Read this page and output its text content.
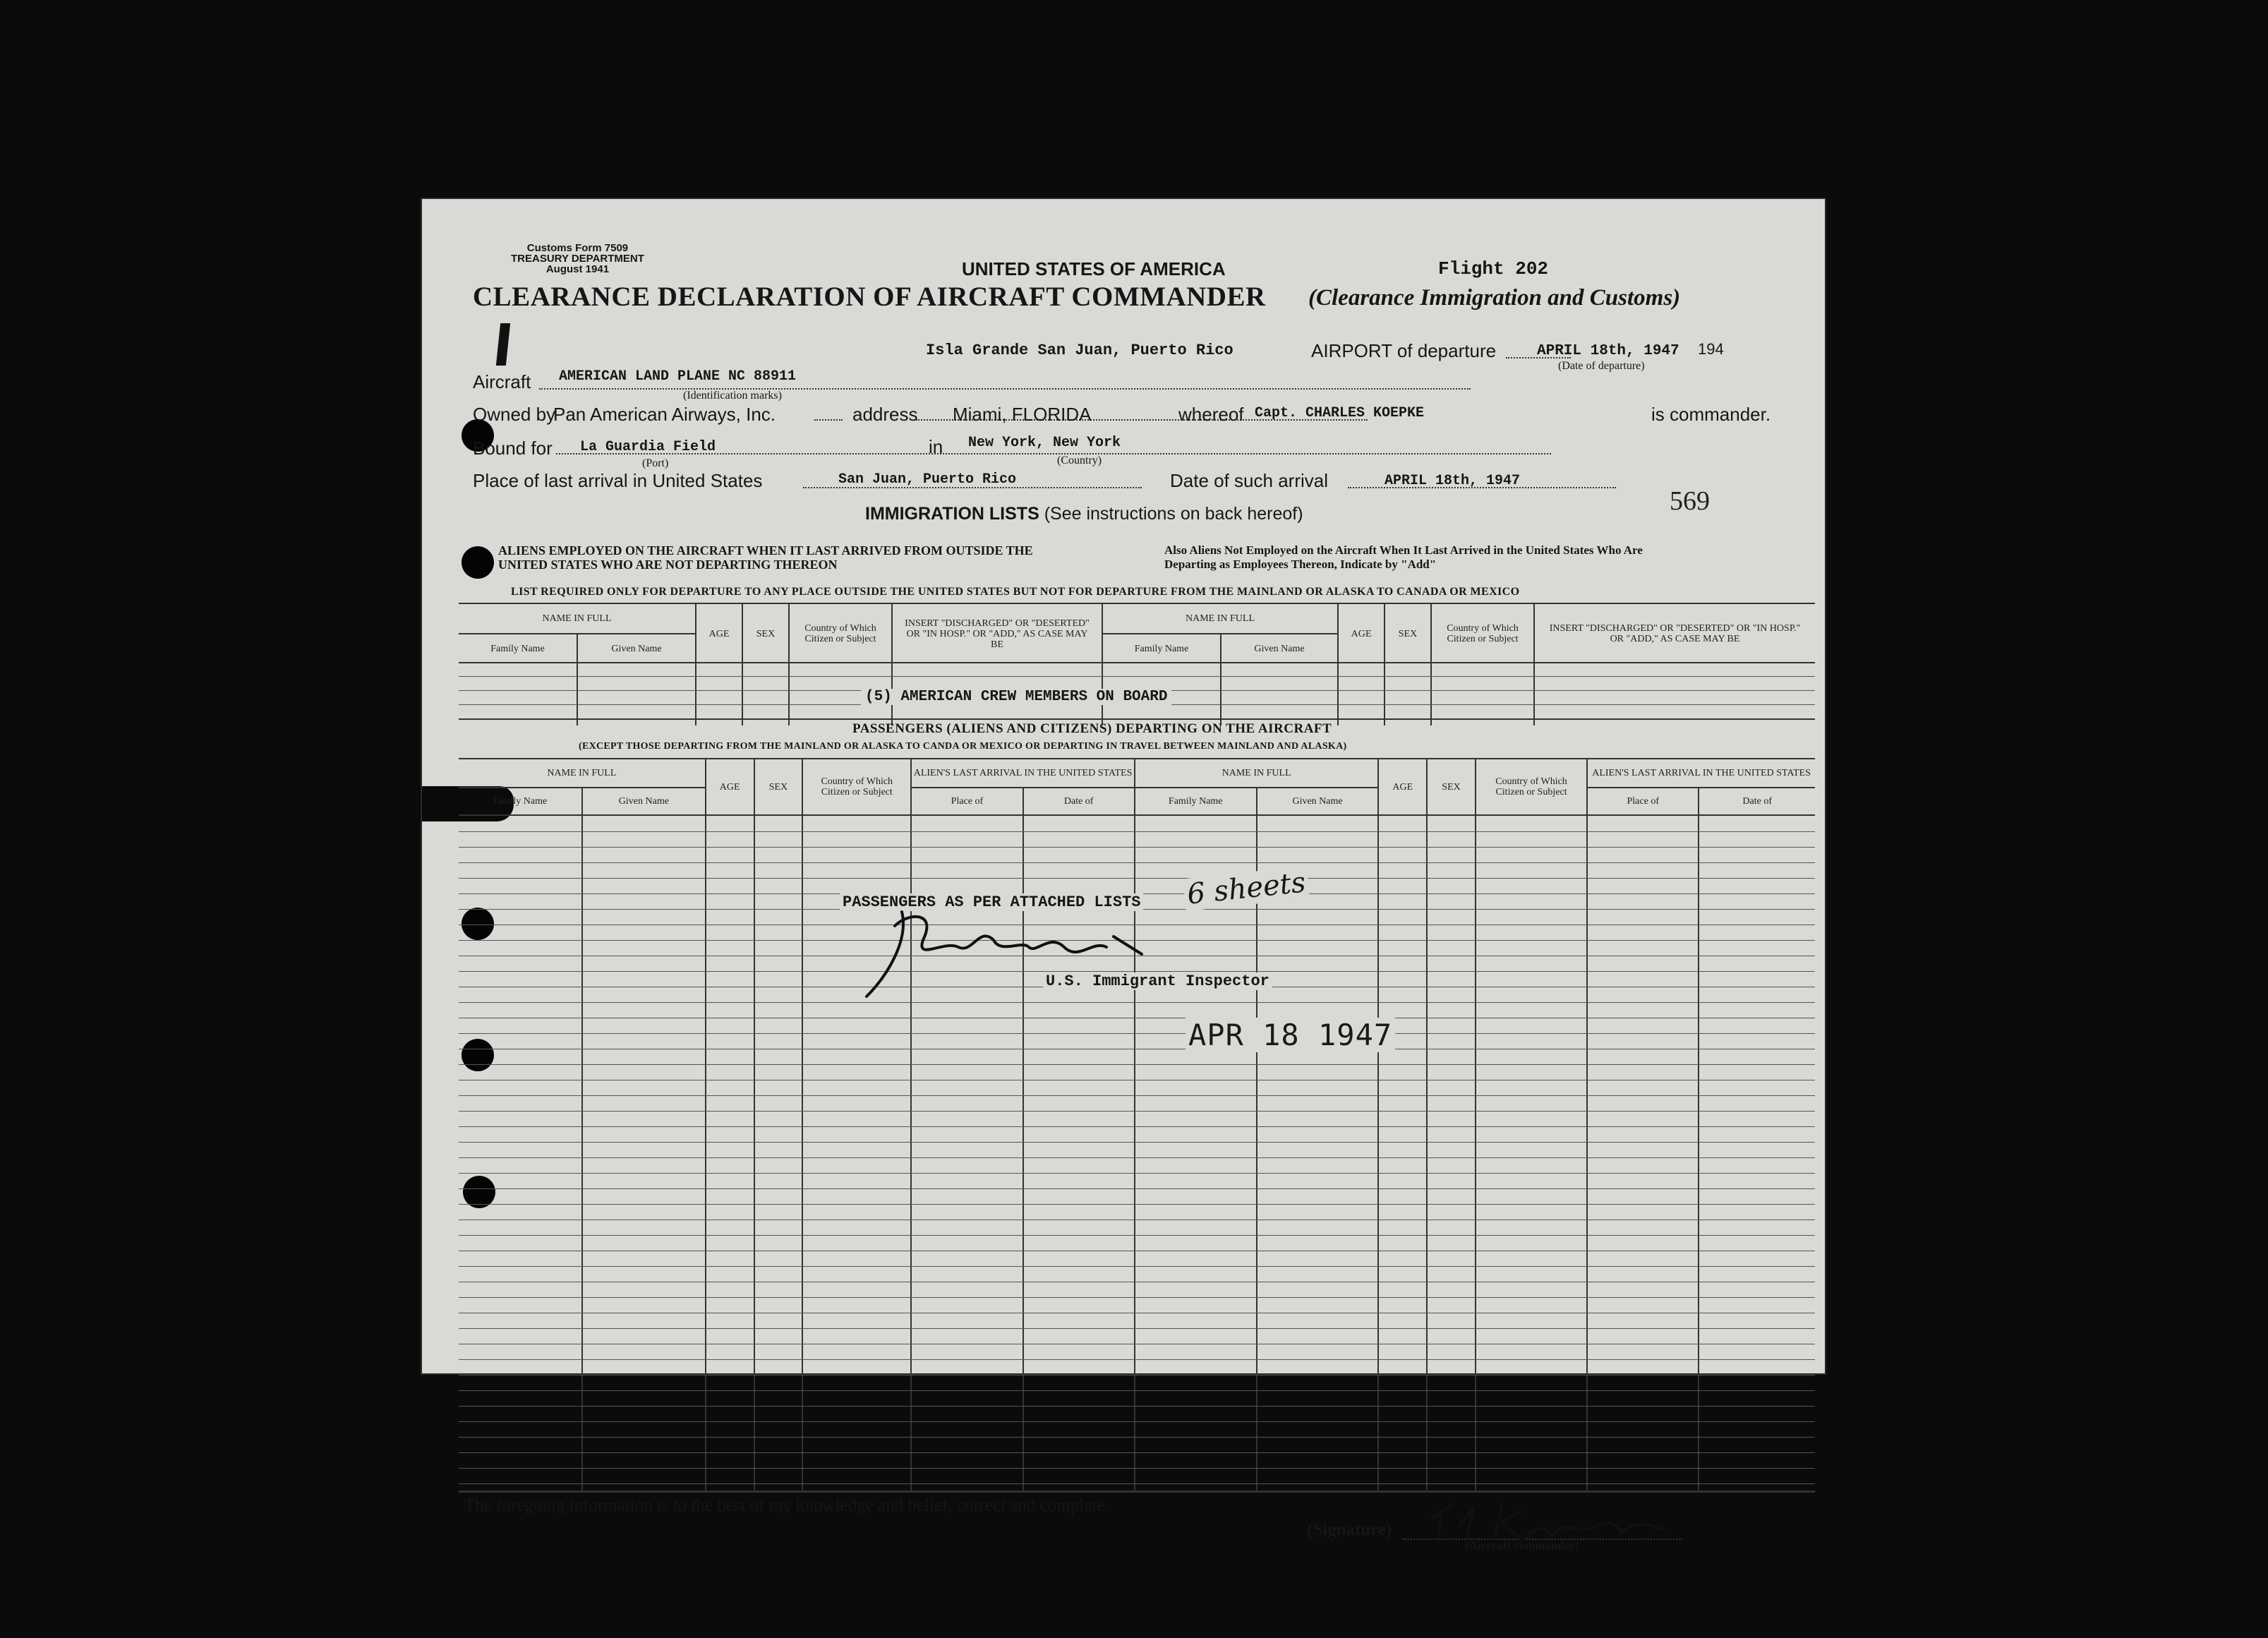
Customs Form 7509
TREASURY DEPARTMENT
August 1941	UNITED STATES OF AMERICA	Flight 202
CLEARANCE DECLARATION OF AIRCRAFT COMMANDER (Clearance Immigration and Customs)
Isla Grande San Juan, Puerto Rico	AIRPORT of departure	APRIL 18th, 1947 194
(Date of departure)
Aircraft AMERICAN LAND PLANE NC 88911
(Identification marks)
Owned by
Pan American Airways, Inc.	address Miami, FLORIDA	whereof Capt. CHARLES KOEPKE	is commander.
Bound for La Guardia Field
(Port)
in New York, New York
(Country)
Place of last arrival in United States	San Juan, Puerto Rico	Date of such arrival	APRIL 18th, 1947
569
IMMIGRATION LISTS (See instructions on back hereof)
ALIENS EMPLOYED ON THE AIRCRAFT WHEN IT LAST ARRIVED FROM OUTSIDE THE UNITED STATES WHO ARE NOT DEPARTING THEREON
Also Aliens Not Employed on the Aircraft When It Last Arrived in the United States Who Are Departing as Employees Thereon, Indicate by "Add"
LIST REQUIRED ONLY FOR DEPARTURE TO ANY PLACE OUTSIDE THE UNITED STATES BUT NOT FOR DEPARTURE FROM THE MAINLAND OR ALASKA TO CANADA OR MEXICO
NAME IN FULL		AGE	SEX	Country of Which Citizen or Subject	INSERT "DISCHARGED" OR "DESERTED" OR "IN HOSP." OR "ADD," AS CASE MAY BE	NAME IN FULL		AGE	SEX	Country of Which Citizen or Subject	INSERT "DISCHARGED" OR "DESERTED" OR "IN HOSP." OR "ADD," AS CASE MAY BE
Family Name	Given Name					Family Name	Given Name				

(5) AMERICAN CREW MEMBERS ON BOARD
PASSENGERS (ALIENS AND CITIZENS) DEPARTING ON THE AIRCRAFT
(EXCEPT THOSE DEPARTING FROM THE MAINLAND OR ALASKA TO CANDA OR MEXICO OR DEPARTING IN TRAVEL BETWEEN MAINLAND AND ALASKA)
NAME IN FULL		AGE	SEX	Country of Which Citizen or Subject	ALIEN'S LAST ARRIVAL IN THE UNITED STATES		NAME IN FULL		AGE	SEX	Country of Which Citizen or Subject	ALIEN'S LAST ARRIVAL IN THE UNITED STATES	
Family Name	Given Name				Place of	Date of	Family Name	Given Name				Place of	Date of

PASSENGERS AS PER ATTACHED LISTS 6 sheets
U.S. Immigrant Inspector
APR 18 1947
The foregoing information is to the best of my knowledge and belief, correct and complete.
(Signature)
(Aircraft commander)
